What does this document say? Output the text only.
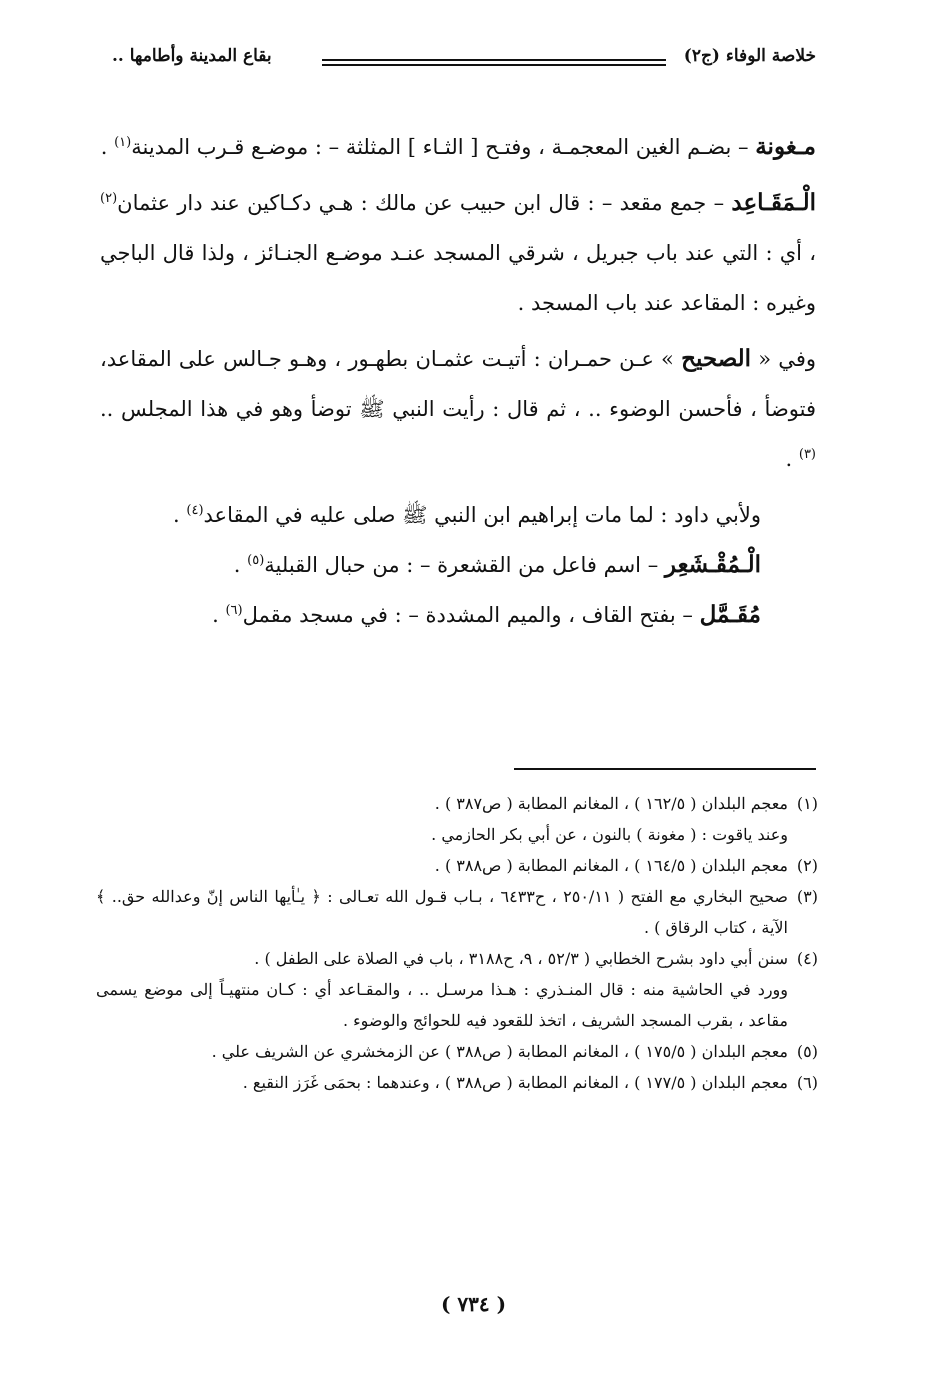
خلاصة الوفاء (ج٢)
بقاع المدينة وأطامها ..

مـغونة – بضـم الغين المعجمـة ، وفتـح [ الثـاء ] المثلثة – : موضـع قـرب المدينة$^{(١)}$ .

الْـمَقَـاعِد – جمع مقعد – : قال ابن حبيب عن مالك : هـي دكـاكين عند دار عثمان$^{(٢)}$ ، أي : التي عند باب جبريل ، شرقي المسجد عنـد موضـع الجنـائز ، ولذا قال الباجي وغيره : المقاعد عند باب المسجد .

وفي « الصحيح » عـن حمـران : أتيـت عثمـان بطهـور ، وهـو جـالس على المقاعد، فتوضأ ، فأحسن الوضوء .. ، ثم قال : رأيت النبي ﷺ توضأ وهو في هذا المجلس ..$^{(٣)}$ .

ولأبي داود : لما مات إبراهيم ابن النبي ﷺ صلى عليه في المقاعد$^{(٤)}$ .

الْـمُقْـشَعِر – اسم فاعل من القشعرة – : من حبال القبلية$^{(٥)}$ .

مُقَـمَّل – بفتح القاف ، والميم المشددة – : في مسجد مقمل$^{(٦)}$ .

(١)
معجم البلدان ( ١٦٢/٥ ) ، المغانم المطابة ( ص٣٨٧ ) .
وعند ياقوت : ( مغونة ) بالنون ، عن أبي بكر الحازمي .
(٢)
معجم البلدان ( ١٦٤/٥ ) ، المغانم المطابة ( ص٣٨٨ ) .
(٣)
صحيح البخاري مع الفتح ( ٢٥٠/١١ ، ح٦٤٣٣ ، بـاب قـول الله تعـالى : ﴿ يـٰأيها الناس إنّ وعدالله حق.. ﴾ الآية ، كتاب الرقاق ) .
(٤)
سنن أبي داود بشرح الخطابي ( ٥٢/٣ ، ٩، ح٣١٨٨ ، باب في الصلاة على الطفل ) .
وورد في الحاشية منه : قال المنـذري : هـذا مرسـل .. ، والمقـاعد أي : كـان منتهيـاً إلى موضع يسمى مقاعد ، بقرب المسجد الشريف ، اتخذ للقعود فيه للحوائج والوضوء .
(٥)
معجم البلدان ( ١٧٥/٥ ) ، المغانم المطابة ( ص٣٨٨ ) عن الزمخشري عن الشريف علي .
(٦)
معجم البلدان ( ١٧٧/٥ ) ، المغانم المطابة ( ص٣٨٨ ) ، وعندهما : بحمَى غَرَز النقيع .
( ٧٣٤ )
